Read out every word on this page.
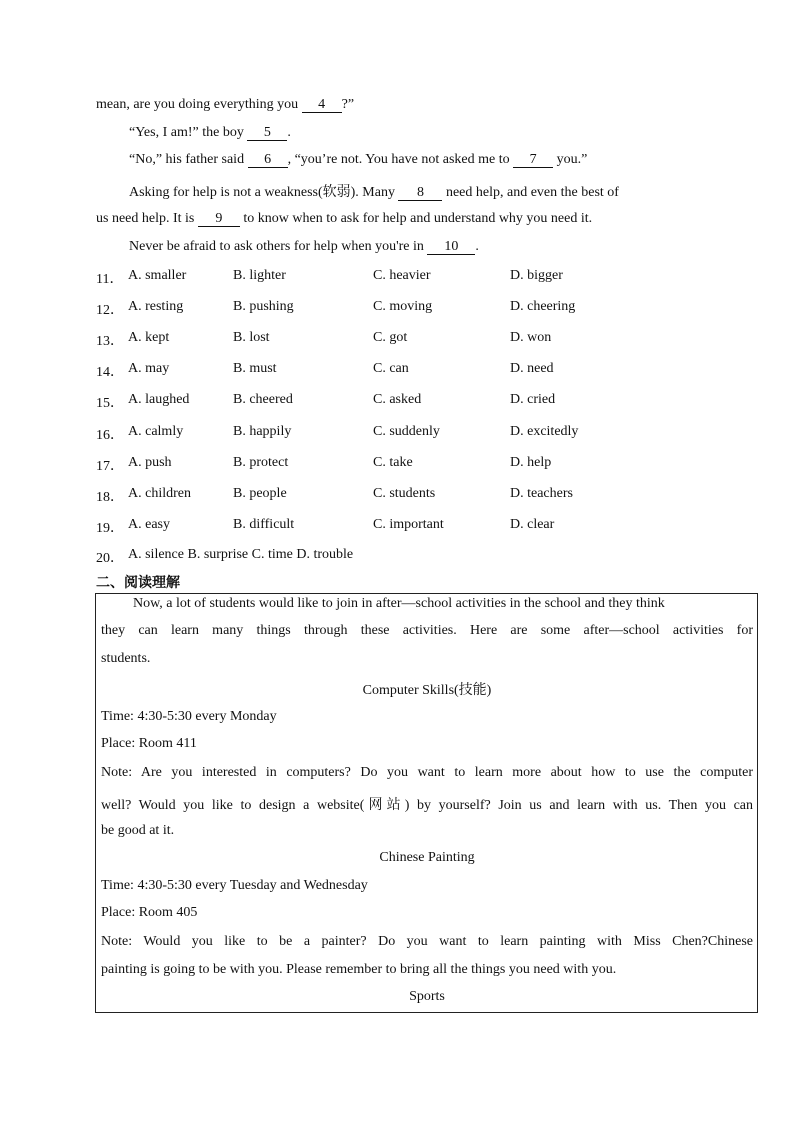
mean, are you doing everything you 4 ?”
“Yes, I am!” the boy 5 .
“No,” his father said 6 , “you’re not. You have not asked me to 7 you.”
Asking for help is not a weakness(软弱). Many 8 need help, and even the best of
us need help. It is 9 to know when to ask for help and understand why you need it.
Never be afraid to ask others for help when you're in 10 .
11． A. smaller	B. lighter	C. heavier	D. bigger
12． A. resting	B. pushing	C. moving	D. cheering
13． A. kept	B. lost	C. got	D. won
14． A. may	B. must	C. can	D. need
15． A. laughed	B. cheered	C. asked	D. cried
16． A. calmly	B. happily	C. suddenly	D. excitedly
17． A. push	B. protect	C. take	D. help
18． A. children	B. people	C. students	D. teachers
19． A. easy	B. difficult	C. important	D. clear
20． A. silence B. surprise C. time D. trouble
二、阅读理解
Now, a lot of students would like to join in after—school activities in the school and they think
they can learn many things through these activities. Here are some after—school activities for
students.
Computer Skills(技能)
Time: 4:30-5:30 every Monday
Place: Room 411
Note: Are you interested in computers? Do you want to learn more about how to use the computer
well? Would you like to design a website(网站) by yourself? Join us and learn with us. Then you can
be good at it.
Chinese Painting
Time: 4:30-5:30 every Tuesday and Wednesday
Place: Room 405
Note: Would you like to be a painter? Do you want to learn painting with Miss Chen?Chinese
painting is going to be with you. Please remember to bring all the things you need with you.
Sports
